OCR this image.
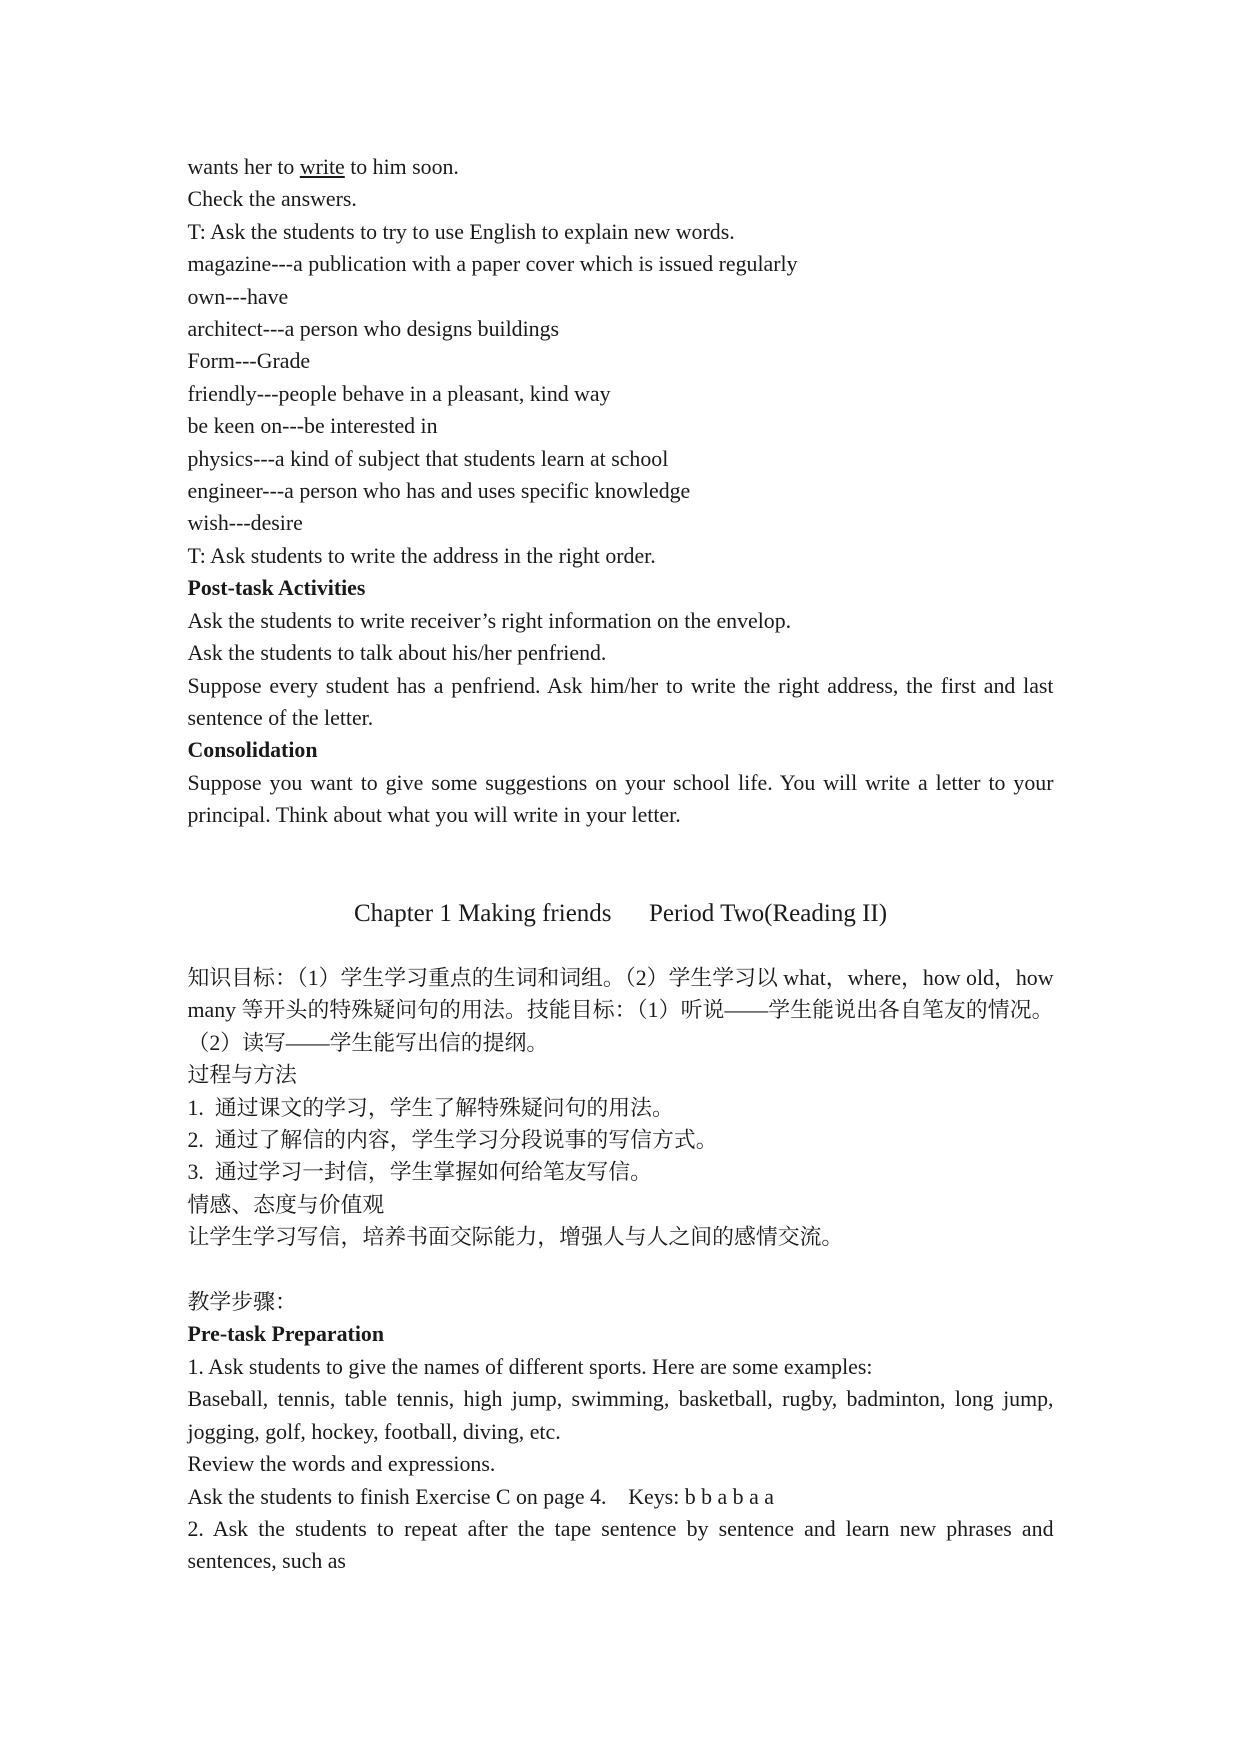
wants her to write to him soon.
Check the answers.
T: Ask the students to try to use English to explain new words.
magazine---a publication with a paper cover which is issued regularly
own---have
architect---a person who designs buildings
Form---Grade
friendly---people behave in a pleasant, kind way
be keen on---be interested in
physics---a kind of subject that students learn at school
engineer---a person who has and uses specific knowledge
wish---desire
T: Ask students to write the address in the right order.
Post-task Activities
Ask the students to write receiver’s right information on the envelop.
Ask the students to talk about his/her penfriend.
Suppose every student has a penfriend. Ask him/her to write the right address, the first and last
sentence of the letter.
Consolidation
Suppose you want to give some suggestions on your school life. You will write a letter to your
principal. Think about what you will write in your letter.
Chapter 1 Making friends Period Two(Reading II)
知识目标：（1）学生学习重点的生词和词组。（2）学生学习以 what，where，how old，how
many 等开头的特殊疑问句的用法。技能目标：（1）听说——学生能说出各自笔友的情况。
（2）读写——学生能写出信的提纲。
过程与方法
1.  通过课文的学习，学生了解特殊疑问句的用法。
2.  通过了解信的内容，学生学习分段说事的写信方式。
3.  通过学习一封信，学生掌握如何给笔友写信。
情感、态度与价值观
让学生学习写信，培养书面交际能力，增强人与人之间的感情交流。
教学步骤：
Pre-task Preparation
1. Ask students to give the names of different sports. Here are some examples:
Baseball, tennis, table tennis, high jump, swimming, basketball, rugby, badminton, long jump,
jogging, golf, hockey, football, diving, etc.
Review the words and expressions.
Ask the students to finish Exercise C on page 4.    Keys: b b a b a a
2. Ask the students to repeat after the tape sentence by sentence and learn new phrases and
sentences, such as
